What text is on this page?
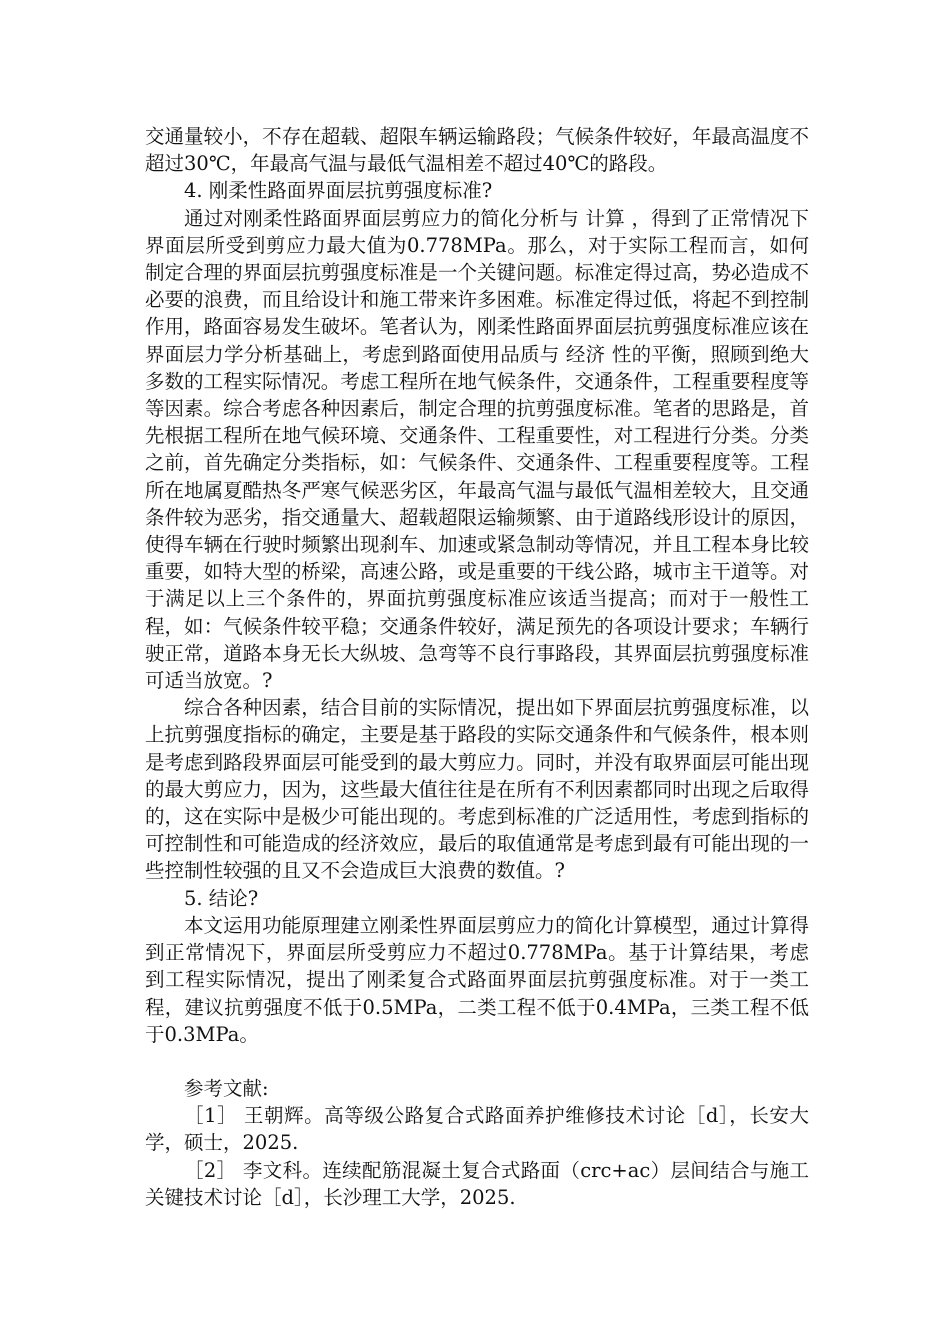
交通量较小，不存在超载、超限车辆运输路段；气候条件较好，年最高温度不超过30℃，年最高气温与最低气温相差不超过40℃的路段。

4. 刚柔性路面界面层抗剪强度标准?

通过对刚柔性路面界面层剪应力的简化分析与 计算 ，得到了正常情况下界面层所受到剪应力最大值为0.778MPa。那么，对于实际工程而言，如何制定合理的界面层抗剪强度标准是一个关键问题。标准定得过高，势必造成不必要的浪费，而且给设计和施工带来许多困难。标准定得过低，将起不到控制作用，路面容易发生破坏。笔者认为，刚柔性路面界面层抗剪强度标准应该在界面层力学分析基础上，考虑到路面使用品质与 经济 性的平衡，照顾到绝大多数的工程实际情况。考虑工程所在地气候条件，交通条件，工程重要程度等等因素。综合考虑各种因素后，制定合理的抗剪强度标准。笔者的思路是，首先根据工程所在地气候环境、交通条件、工程重要性，对工程进行分类。分类之前，首先确定分类指标，如：气候条件、交通条件、工程重要程度等。工程所在地属夏酷热冬严寒气候恶劣区，年最高气温与最低气温相差较大，且交通条件较为恶劣，指交通量大、超载超限运输频繁、由于道路线形设计的原因，使得车辆在行驶时频繁出现刹车、加速或紧急制动等情况，并且工程本身比较重要，如特大型的桥梁，高速公路，或是重要的干线公路，城市主干道等。对于满足以上三个条件的，界面抗剪强度标准应该适当提高；而对于一般性工程，如：气候条件较平稳；交通条件较好，满足预先的各项设计要求；车辆行驶正常，道路本身无长大纵坡、急弯等不良行事路段，其界面层抗剪强度标准可适当放宽。?

综合各种因素，结合目前的实际情况，提出如下界面层抗剪强度标准，以上抗剪强度指标的确定，主要是基于路段的实际交通条件和气候条件，根本则是考虑到路段界面层可能受到的最大剪应力。同时，并没有取界面层可能出现的最大剪应力，因为，这些最大值往往是在所有不利因素都同时出现之后取得的，这在实际中是极少可能出现的。考虑到标准的广泛适用性，考虑到指标的可控制性和可能造成的经济效应，最后的取值通常是考虑到最有可能出现的一些控制性较强的且又不会造成巨大浪费的数值。?

5. 结论?

本文运用功能原理建立刚柔性界面层剪应力的简化计算模型，通过计算得到正常情况下，界面层所受剪应力不超过0.778MPa。基于计算结果，考虑到工程实际情况，提出了刚柔复合式路面界面层抗剪强度标准。对于一类工程，建议抗剪强度不低于0.5MPa，二类工程不低于0.4MPa，三类工程不低于0.3MPa。

参考文献:

［1］ 王朝辉。高等级公路复合式路面养护维修技术讨论［d］，长安大学，硕士，2025.

［2］ 李文科。连续配筋混凝土复合式路面（crc+ac）层间结合与施工关键技术讨论［d］，长沙理工大学，2025.
